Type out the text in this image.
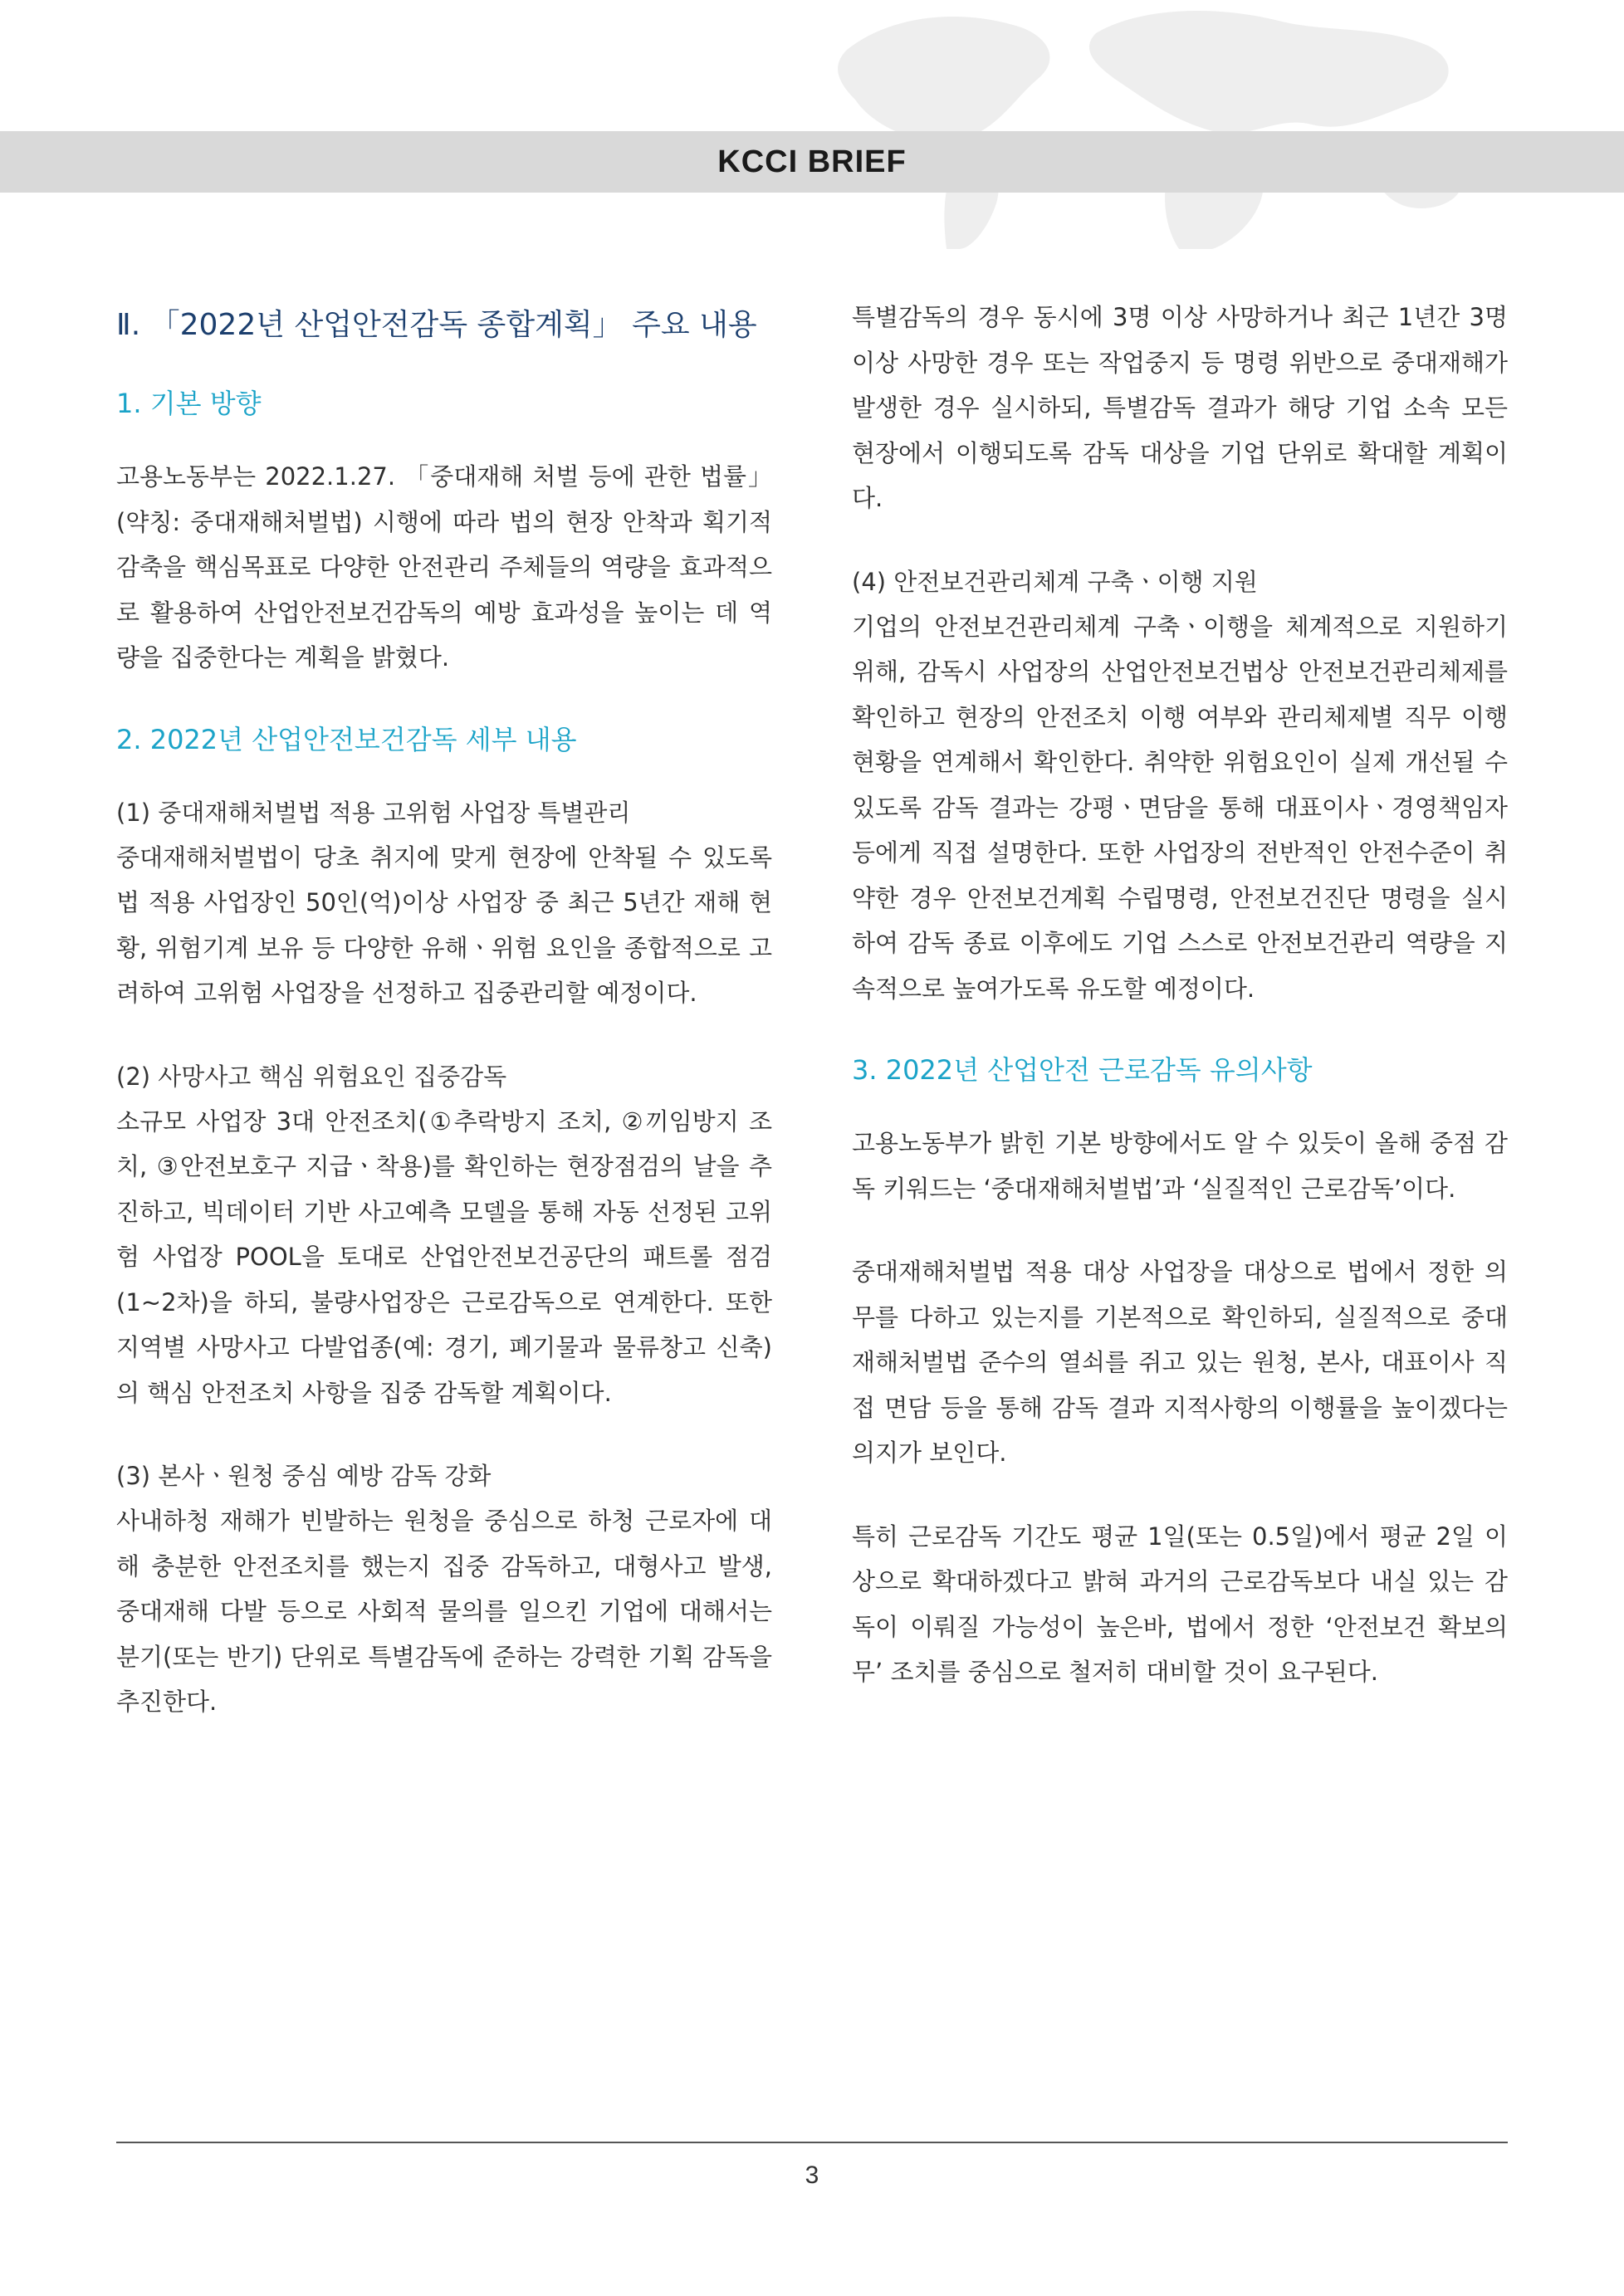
KCCI BRIEF
Ⅱ. 「2022년 산업안전감독 종합계획」 주요 내용
1. 기본 방향

고용노동부는 2022.1.27. 「중대재해 처벌 등에 관한 법률」(약칭: 중대재해처벌법) 시행에 따라 법의 현장 안착과 획기적 감축을 핵심목표로 다양한 안전관리 주체들의 역량을 효과적으로 활용하여 산업안전보건감독의 예방 효과성을 높이는 데 역량을 집중한다는 계획을 밝혔다.

2. 2022년 산업안전보건감독 세부 내용
(1) 중대재해처벌법 적용 고위험 사업장 특별관리

중대재해처벌법이 당초 취지에 맞게 현장에 안착될 수 있도록 법 적용 사업장인 50인(억)이상 사업장 중 최근 5년간 재해 현황, 위험기계 보유 등 다양한 유해ㆍ위험 요인을 종합적으로 고려하여 고위험 사업장을 선정하고 집중관리할 예정이다.

(2) 사망사고 핵심 위험요인 집중감독

소규모 사업장 3대 안전조치(①추락방지 조치, ②끼임방지 조치, ③안전보호구 지급ㆍ착용)를 확인하는 현장점검의 날을 추진하고, 빅데이터 기반 사고예측 모델을 통해 자동 선정된 고위험 사업장 POOL을 토대로 산업안전보건공단의 패트롤 점검(1~2차)을 하되, 불량사업장은 근로감독으로 연계한다. 또한 지역별 사망사고 다발업종(예: 경기, 폐기물과 물류창고 신축)의 핵심 안전조치 사항을 집중 감독할 계획이다.

(3) 본사ㆍ원청 중심 예방 감독 강화

사내하청 재해가 빈발하는 원청을 중심으로 하청 근로자에 대해 충분한 안전조치를 했는지 집중 감독하고, 대형사고 발생, 중대재해 다발 등으로 사회적 물의를 일으킨 기업에 대해서는 분기(또는 반기) 단위로 특별감독에 준하는 강력한 기획 감독을 추진한다.

특별감독의 경우 동시에 3명 이상 사망하거나 최근 1년간 3명 이상 사망한 경우 또는 작업중지 등 명령 위반으로 중대재해가 발생한 경우 실시하되, 특별감독 결과가 해당 기업 소속 모든 현장에서 이행되도록 감독 대상을 기업 단위로 확대할 계획이다.

(4) 안전보건관리체계 구축ㆍ이행 지원

기업의 안전보건관리체계 구축ㆍ이행을 체계적으로 지원하기 위해, 감독시 사업장의 산업안전보건법상 안전보건관리체제를 확인하고 현장의 안전조치 이행 여부와 관리체제별 직무 이행 현황을 연계해서 확인한다. 취약한 위험요인이 실제 개선될 수 있도록 감독 결과는 강평ㆍ면담을 통해 대표이사ㆍ경영책임자 등에게 직접 설명한다. 또한 사업장의 전반적인 안전수준이 취약한 경우 안전보건계획 수립명령, 안전보건진단 명령을 실시하여 감독 종료 이후에도 기업 스스로 안전보건관리 역량을 지속적으로 높여가도록 유도할 예정이다.

3. 2022년 산업안전 근로감독 유의사항

고용노동부가 밝힌 기본 방향에서도 알 수 있듯이 올해 중점 감독 키워드는 ‘중대재해처벌법’과 ‘실질적인 근로감독’이다.

중대재해처벌법 적용 대상 사업장을 대상으로 법에서 정한 의무를 다하고 있는지를 기본적으로 확인하되, 실질적으로 중대재해처벌법 준수의 열쇠를 쥐고 있는 원청, 본사, 대표이사 직접 면담 등을 통해 감독 결과 지적사항의 이행률을 높이겠다는 의지가 보인다.

특히 근로감독 기간도 평균 1일(또는 0.5일)에서 평균 2일 이상으로 확대하겠다고 밝혀 과거의 근로감독보다 내실 있는 감독이 이뤄질 가능성이 높은바, 법에서 정한 ‘안전보건 확보의무’ 조치를 중심으로 철저히 대비할 것이 요구된다.

3
